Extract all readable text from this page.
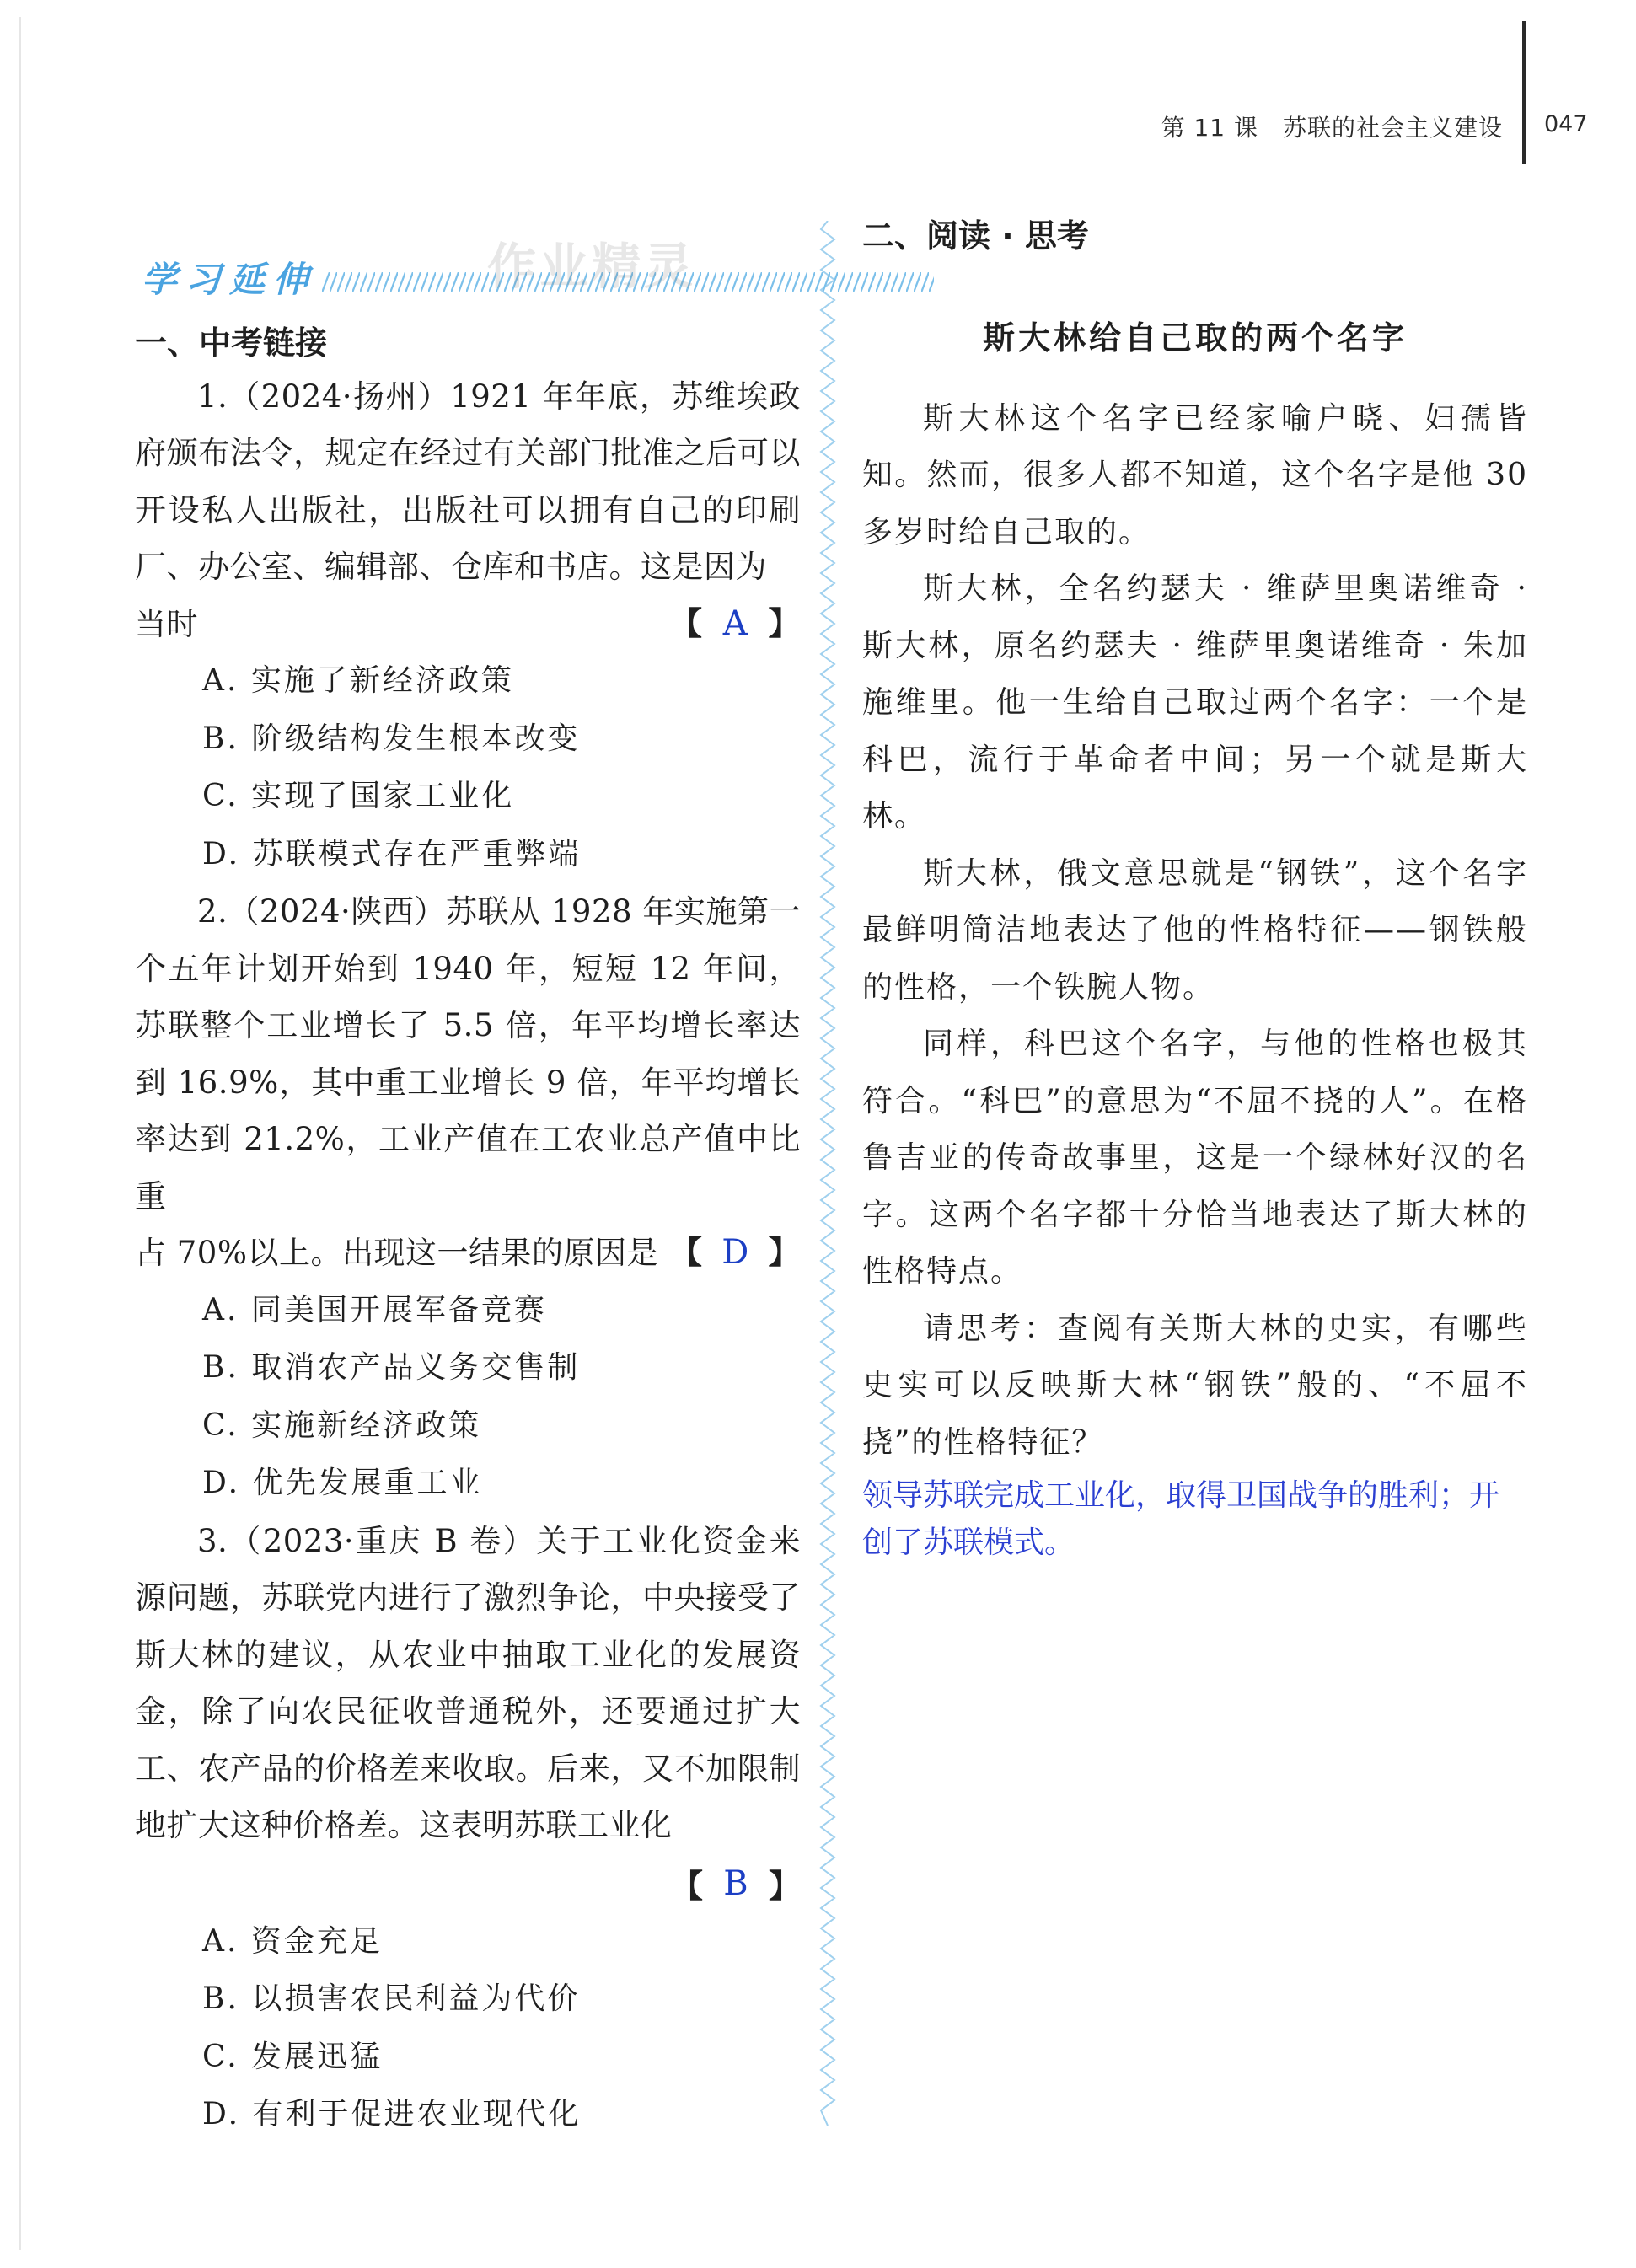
第 11 课　苏联的社会主义建设 047
学习延伸	作业精灵
一、中考链接

1.（2024·扬州）1921 年年底，苏维埃政府颁布法令，规定在经过有关部门批准之后可以开设私人出版社，出版社可以拥有自己的印刷厂、办公室、编辑部、仓库和书店。这是因为

当时	【 A 】

A. 实施了新经济政策

B. 阶级结构发生根本改变

C. 实现了国家工业化

D. 苏联模式存在严重弊端

2.（2024·陕西）苏联从 1928 年实施第一个五年计划开始到 1940 年，短短 12 年间，苏联整个工业增长了 5.5 倍，年平均增长率达到 16.9%，其中重工业增长 9 倍，年平均增长率达到 21.2%，工业产值在工农业总产值中比重

占 70%以上。出现这一结果的原因是 【 D 】

A. 同美国开展军备竞赛

B. 取消农产品义务交售制

C. 实施新经济政策

D. 优先发展重工业

3.（2023·重庆 B 卷）关于工业化资金来源问题，苏联党内进行了激烈争论，中央接受了斯大林的建议，从农业中抽取工业化的发展资金，除了向农民征收普通税外，还要通过扩大工、农产品的价格差来收取。后来，又不加限制地扩大这种价格差。这表明苏联工业化

【 B 】

A. 资金充足

B. 以损害农民利益为代价

C. 发展迅猛

D. 有利于促进农业现代化

二、阅读 · 思考
斯大林给自己取的两个名字

斯大林这个名字已经家喻户晓、妇孺皆知。然而，很多人都不知道，这个名字是他 30 多岁时给自己取的。

斯大林，全名约瑟夫 · 维萨里奥诺维奇 · 斯大林，原名约瑟夫 · 维萨里奥诺维奇 · 朱加施维里。他一生给自己取过两个名字：一个是科巴，流行于革命者中间；另一个就是斯大林。

斯大林，俄文意思就是“钢铁”，这个名字最鲜明简洁地表达了他的性格特征——钢铁般的性格，一个铁腕人物。

同样，科巴这个名字，与他的性格也极其符合。“科巴”的意思为“不屈不挠的人”。在格鲁吉亚的传奇故事里，这是一个绿林好汉的名字。这两个名字都十分恰当地表达了斯大林的性格特点。

请思考：查阅有关斯大林的史实，有哪些史实可以反映斯大林“钢铁”般的、“不屈不挠”的性格特征？

领导苏联完成工业化，取得卫国战争的胜利；开创了苏联模式。
